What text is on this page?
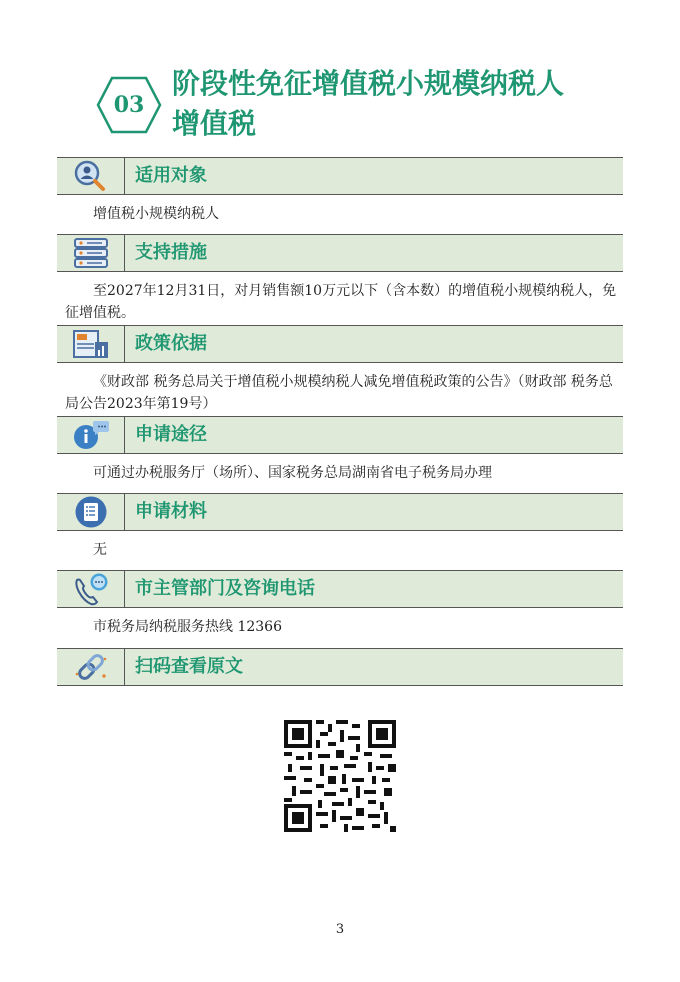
03
阶段性免征增值税小规模纳税人
增值税
适用对象
增值税小规模纳税人
支持措施
至2027年12月31日，对月销售额10万元以下（含本数）的增值税小规模纳税人，免征增值税。
政策依据
《财政部 税务总局关于增值税小规模纳税人减免增值税政策的公告》（财政部 税务总局公告2023年第19号）
申请途径
可通过办税服务厅（场所）、国家税务总局湖南省电子税务局办理
申请材料
无
市主管部门及咨询电话
市税务局纳税服务热线 12366
扫码查看原文
3
